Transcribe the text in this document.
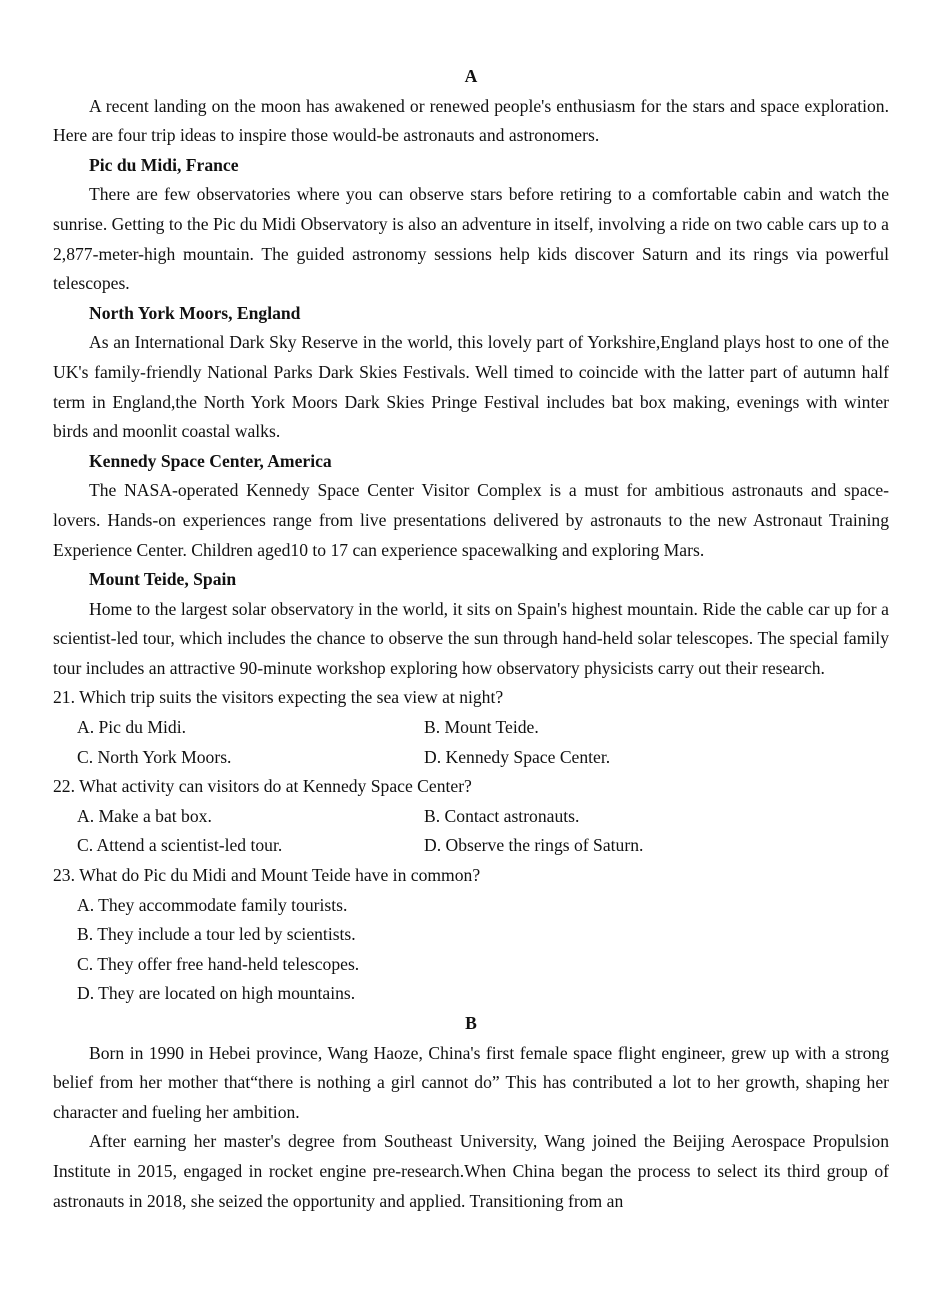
A

A recent landing on the moon has awakened or renewed people's enthusiasm for the stars and space exploration. Here are four trip ideas to inspire those would-be astronauts and astronomers.

Pic du Midi, France

There are few observatories where you can observe stars before retiring to a comfortable cabin and watch the sunrise. Getting to the Pic du Midi Observatory is also an adventure in itself, involving a ride on two cable cars up to a 2,877-meter-high mountain. The guided astronomy sessions help kids discover Saturn and its rings via powerful telescopes.

North York Moors, England

As an International Dark Sky Reserve in the world, this lovely part of Yorkshire,England plays host to one of the UK's family-friendly National Parks Dark Skies Festivals. Well timed to coincide with the latter part of autumn half term in England,the North York Moors Dark Skies Pringe Festival includes bat box making, evenings with winter birds and moonlit coastal walks.

Kennedy Space Center, America

The NASA-operated Kennedy Space Center Visitor Complex is a must for ambitious astronauts and space-lovers. Hands-on experiences range from live presentations delivered by astronauts to the new Astronaut Training Experience Center. Children aged10 to 17 can experience spacewalking and exploring Mars.

Mount Teide, Spain

Home to the largest solar observatory in the world, it sits on Spain's highest mountain. Ride the cable car up for a scientist-led tour, which includes the chance to observe the sun through hand-held solar telescopes. The special family tour includes an attractive 90-minute workshop exploring how observatory physicists carry out their research.

21. Which trip suits the visitors expecting the sea view at night?

A. Pic du Midi.	B. Mount Teide.
C. North York Moors.	D. Kennedy Space Center.

22. What activity can visitors do at Kennedy Space Center?

A. Make a bat box.	B. Contact astronauts.
C. Attend a scientist-led tour.	D. Observe the rings of Saturn.

23. What do Pic du Midi and Mount Teide have in common?

A. They accommodate family tourists.
B. They include a tour led by scientists.
C. They offer free hand-held telescopes.
D. They are located on high mountains.

B

Born in 1990 in Hebei province, Wang Haoze, China's first female space flight engineer, grew up with a strong belief from her mother that“there is nothing a girl cannot do” This has contributed a lot to her growth, shaping her character and fueling her ambition.

After earning her master's degree from Southeast University, Wang joined the Beijing Aerospace Propulsion Institute in 2015, engaged in rocket engine pre-research.When China began the process to select its third group of astronauts in 2018, she seized the opportunity and applied. Transitioning from an
